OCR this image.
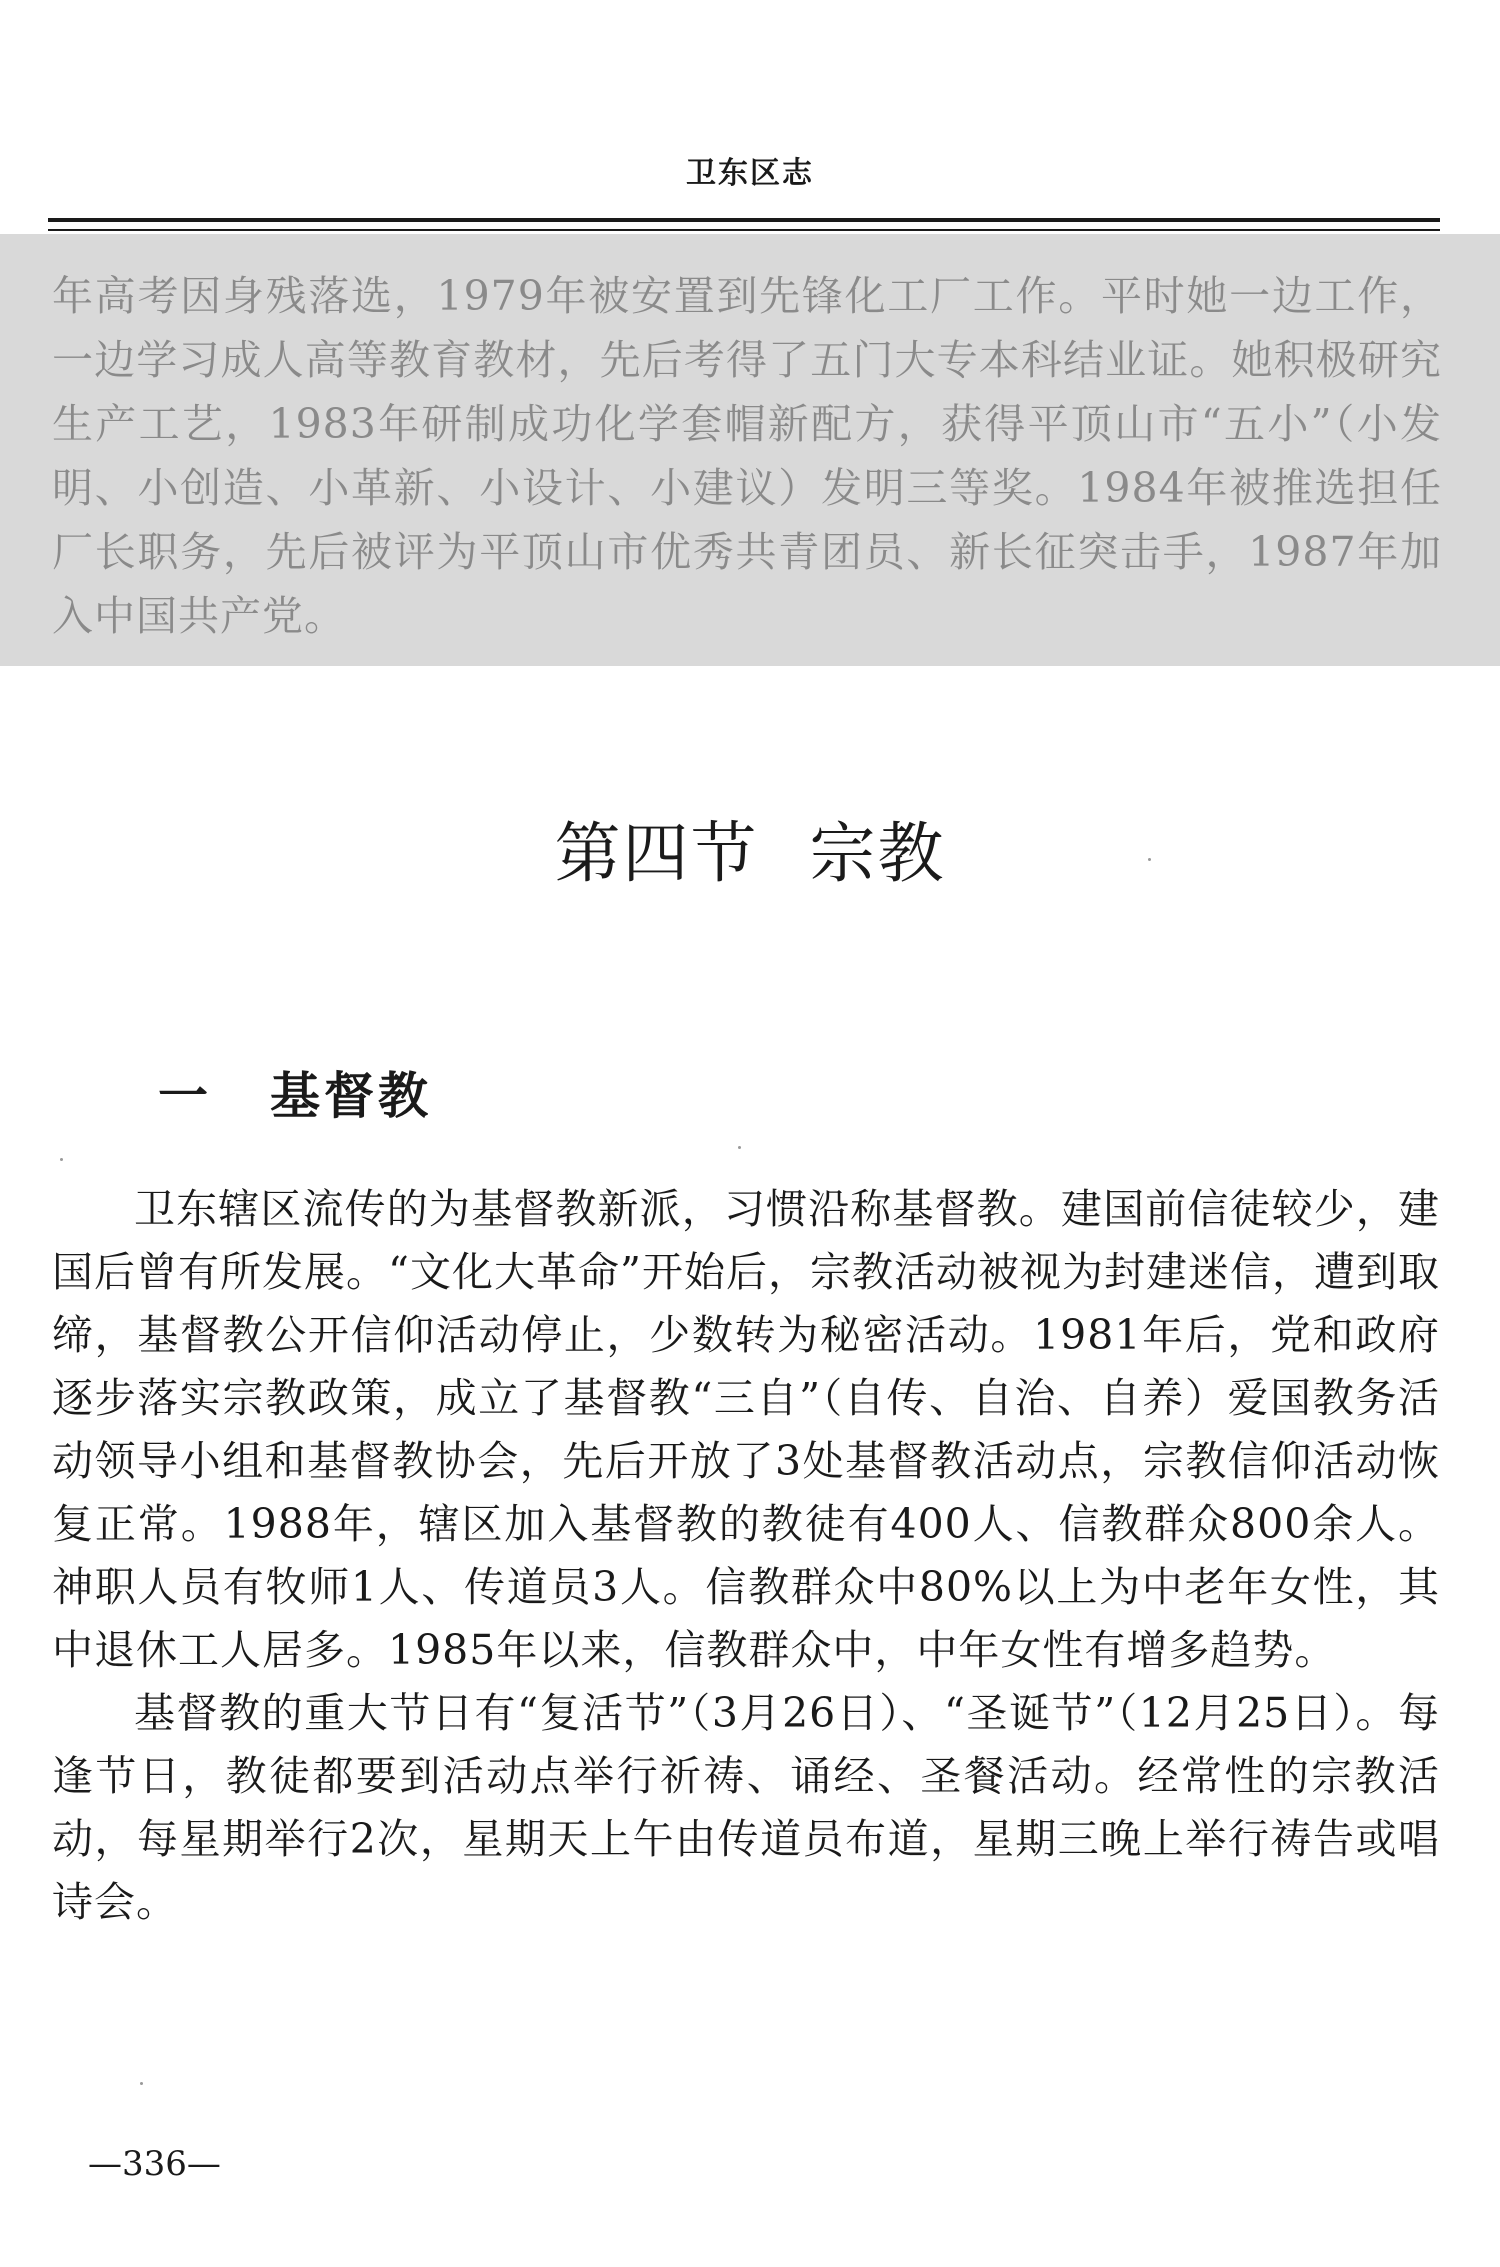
卫东区志

年高考因身残落选，1979年被安置到先锋化工厂工作。平时她一边工作，一边学习成人高等教育教材，先后考得了五门大专本科结业证。她积极研究生产工艺，1983年研制成功化学套帽新配方，获得平顶山市“五小”（小发明、小创造、小革新、小设计、小建议）发明三等奖。1984年被推选担任厂长职务，先后被评为平顶山市优秀共青团员、新长征突击手，1987年加入中国共产党。

第四节 宗教
一 基督教

卫东辖区流传的为基督教新派，习惯沿称基督教。建国前信徒较少，建国后曾有所发展。“文化大革命”开始后，宗教活动被视为封建迷信，遭到取缔，基督教公开信仰活动停止，少数转为秘密活动。1981年后，党和政府逐步落实宗教政策，成立了基督教“三自”（自传、自治、自养）爱国教务活动领导小组和基督教协会，先后开放了3处基督教活动点，宗教信仰活动恢复正常。1988年，辖区加入基督教的教徒有400人、信教群众800余人。神职人员有牧师1人、传道员3人。信教群众中80%以上为中老年女性，其中退休工人居多。1985年以来，信教群众中，中年女性有增多趋势。

基督教的重大节日有“复活节”（3月26日）、“圣诞节”（12月25日）。每逢节日，教徒都要到活动点举行祈祷、诵经、圣餐活动。经常性的宗教活动，每星期举行2次，星期天上午由传道员布道，星期三晚上举行祷告或唱诗会。

—336—
